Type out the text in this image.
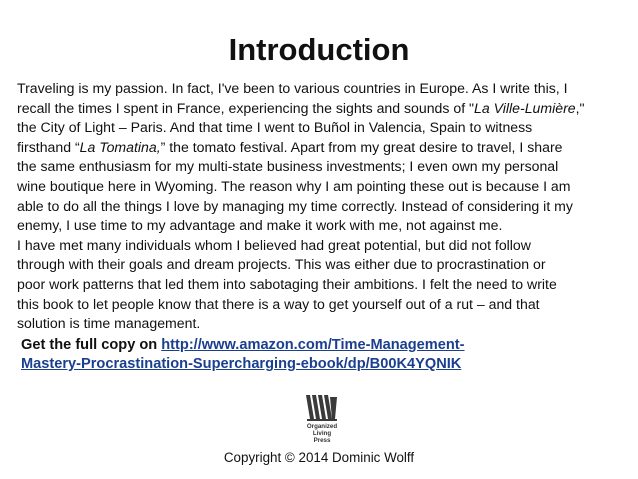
Introduction

Traveling is my passion. In fact, I've been to various countries in Europe. As I write this, I
recall the times I spent in France, experiencing the sights and sounds of "La Ville-Lumière,"
the City of Light – Paris. And that time I went to Buñol in Valencia, Spain to witness
firsthand “La Tomatina,” the tomato festival. Apart from my great desire to travel, I share
the same enthusiasm for my multi-state business investments; I even own my personal
wine boutique here in Wyoming. The reason why I am pointing these out is because I am
able to do all the things I love by managing my time correctly. Instead of considering it my
enemy, I use time to my advantage and make it work with me, not against me.

I have met many individuals whom I believed had great potential, but did not follow
through with their goals and dream projects. This was either due to procrastination or
poor work patterns that led them into sabotaging their ambitions. I felt the need to write
this book to let people know that there is a way to get yourself out of a rut – and that
solution is time management.

Get the full copy on http://www.amazon.com/Time-Management-
Mastery-Procrastination-Supercharging-ebook/dp/B00K4YQNIK
Organized
Living
Press
Copyright © 2014 Dominic Wolff
